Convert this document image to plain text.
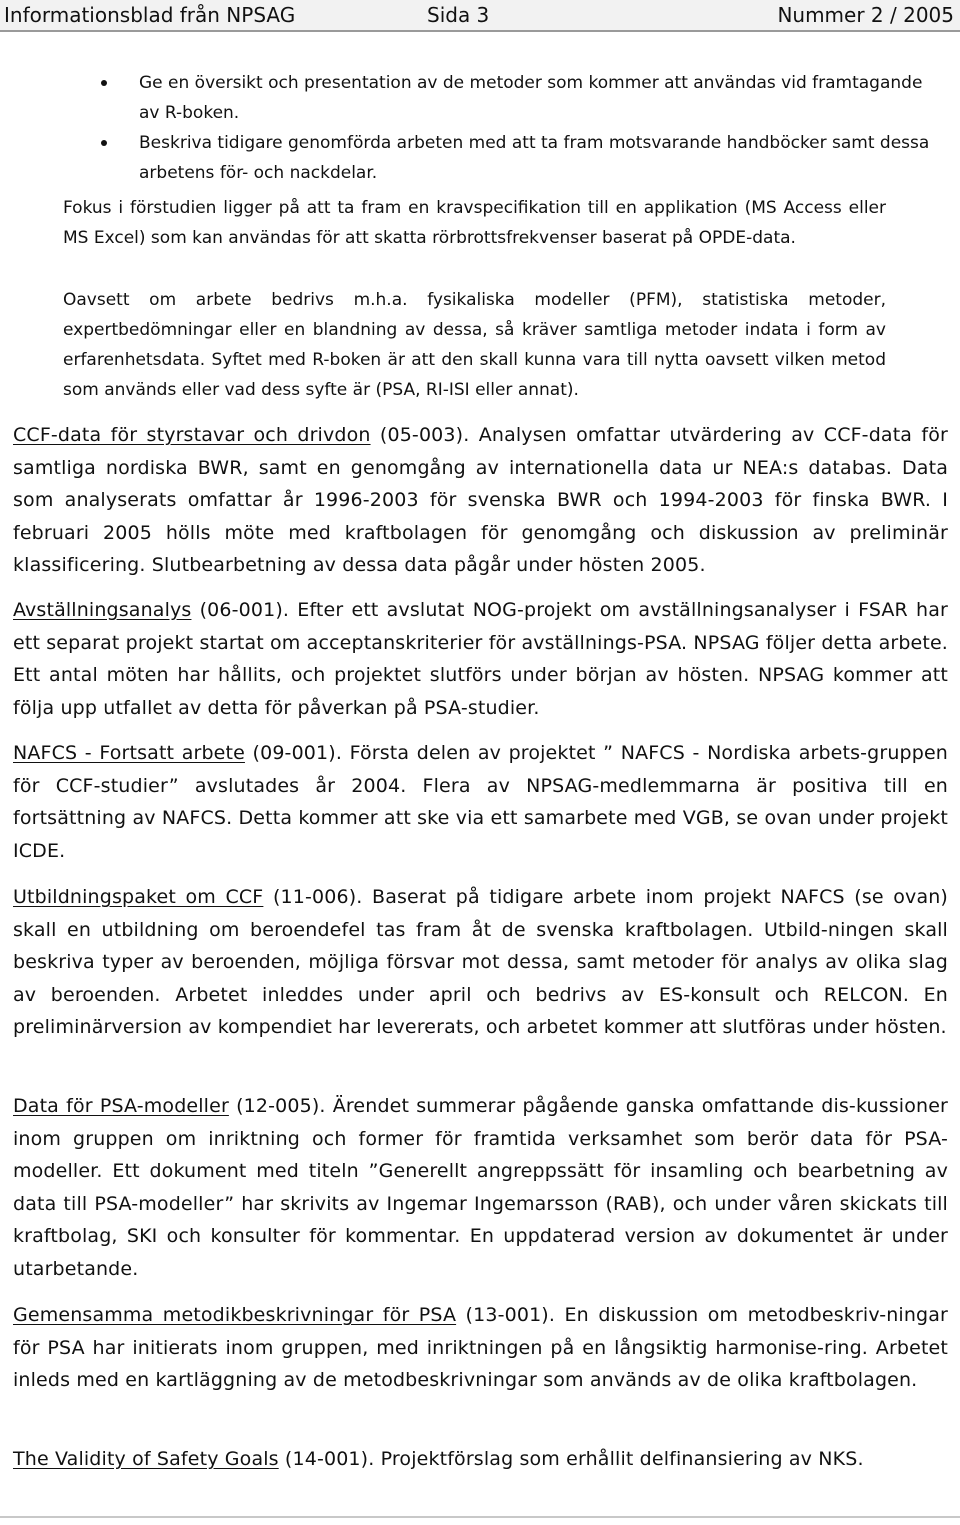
Informationsblad från NPSAG	Sida 3	Nummer 2 / 2005
Ge en översikt och presentation av de metoder som kommer att användas vid framtagande av R-boken.
Beskriva tidigare genomförda arbeten med att ta fram motsvarande handböcker samt dessa arbetens för- och nackdelar.

Fokus i förstudien ligger på att ta fram en kravspecifikation till en applikation (MS Access eller MS Excel) som kan användas för att skatta rörbrottsfrekvenser baserat på OPDE-data.

Oavsett om arbete bedrivs m.h.a. fysikaliska modeller (PFM), statistiska metoder, expertbedömningar eller en blandning av dessa, så kräver samtliga metoder indata i form av erfarenhetsdata. Syftet med R-boken är att den skall kunna vara till nytta oavsett vilken metod som används eller vad dess syfte är (PSA, RI-ISI eller annat).

CCF-data för styrstavar och drivdon (05-003). Analysen omfattar utvärdering av CCF-data för samtliga nordiska BWR, samt en genomgång av internationella data ur NEA:s databas. Data som analyserats omfattar år 1996-2003 för svenska BWR och 1994-2003 för finska BWR. I februari 2005 hölls möte med kraftbolagen för genomgång och diskussion av preliminär klassificering. Slutbearbetning av dessa data pågår under hösten 2005.

Avställningsanalys (06-001). Efter ett avslutat NOG-projekt om avställningsanalyser i FSAR har ett separat projekt startat om acceptanskriterier för avställnings-PSA. NPSAG följer detta arbete. Ett antal möten har hållits, och projektet slutförs under början av hösten. NPSAG kommer att följa upp utfallet av detta för påverkan på PSA-studier.

NAFCS - Fortsatt arbete (09-001). Första delen av projektet ” NAFCS - Nordiska arbets-gruppen för CCF-studier” avslutades år 2004. Flera av NPSAG-medlemmarna är positiva till en fortsättning av NAFCS. Detta kommer att ske via ett samarbete med VGB, se ovan under projekt ICDE.

Utbildningspaket om CCF (11-006). Baserat på tidigare arbete inom projekt NAFCS (se ovan) skall en utbildning om beroendefel tas fram åt de svenska kraftbolagen. Utbild-ningen skall beskriva typer av beroenden, möjliga försvar mot dessa, samt metoder för analys av olika slag av beroenden. Arbetet inleddes under april och bedrivs av ES-konsult och RELCON. En preliminärversion av kompendiet har levererats, och arbetet kommer att slutföras under hösten.

Data för PSA-modeller (12-005). Ärendet summerar pågående ganska omfattande dis-kussioner inom gruppen om inriktning och former för framtida verksamhet som berör data för PSA-modeller. Ett dokument med titeln ”Generellt angreppssätt för insamling och bearbetning av data till PSA-modeller” har skrivits av Ingemar Ingemarsson (RAB), och under våren skickats till kraftbolag, SKI och konsulter för kommentar. En uppdaterad version av dokumentet är under utarbetande.

Gemensamma metodikbeskrivningar för PSA (13-001). En diskussion om metodbeskriv-ningar för PSA har initierats inom gruppen, med inriktningen på en långsiktig harmonise-ring. Arbetet inleds med en kartläggning av de metodbeskrivningar som används av de olika kraftbolagen.

The Validity of Safety Goals (14-001). Projektförslag som erhållit delfinansiering av NKS.
